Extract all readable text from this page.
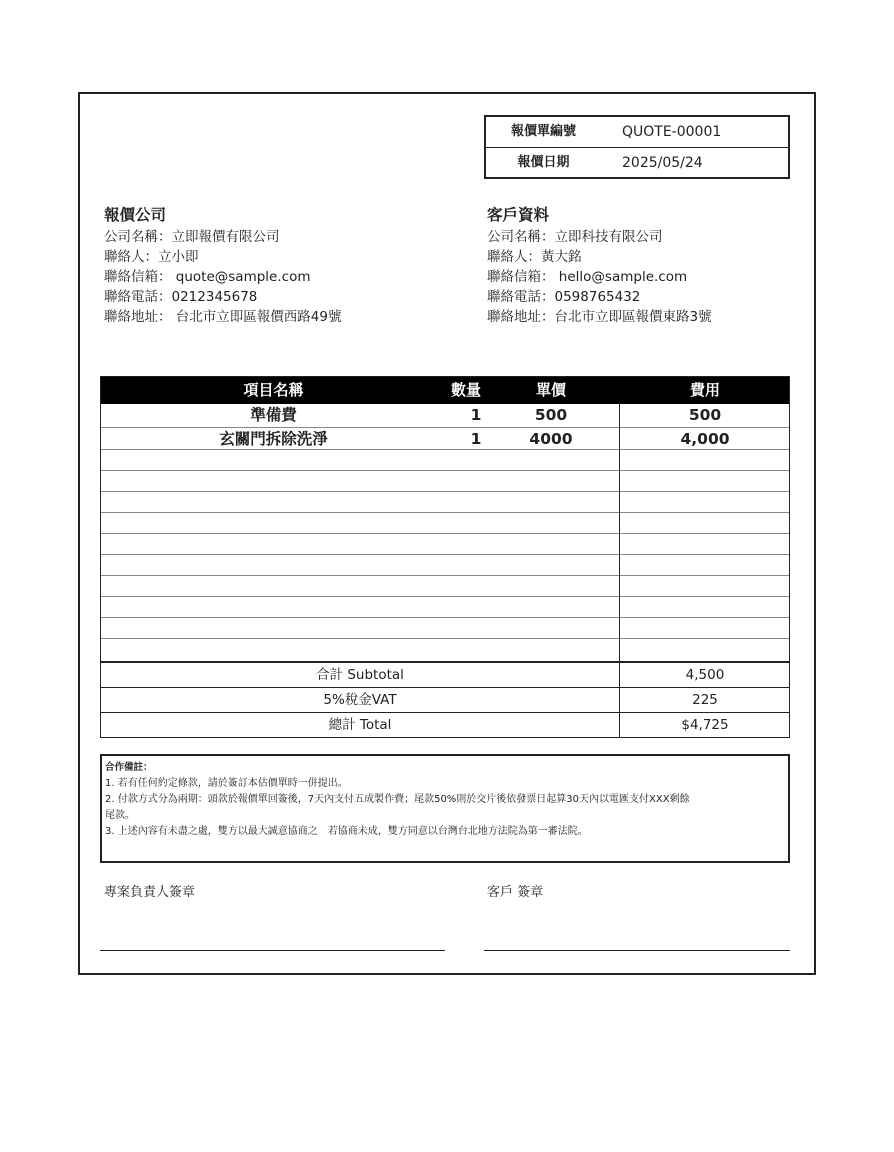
報價單編號	QUOTE-00001
報價日期	2025/05/24
報價公司
公司名稱：立即報價有限公司
聯絡人：立小即
聯絡信箱： quote@sample.com
聯絡電話：0212345678
聯絡地址： 台北市立即區報價西路49號
客戶資料
公司名稱：立即科技有限公司
聯絡人：黃大銘
聯絡信箱： hello@sample.com
聯絡電話：0598765432
聯絡地址：台北市立即區報價東路3號
項目名稱	數量	單價	費用
準備費	1	500	500
玄關門拆除洗淨	1	4000	4,000
合計 Subtotal	4,500
5%稅金VAT	225
總計 Total	$4,725
合作備註：
1. 若有任何約定條款，請於簽訂本估價單時一併提出。
2. 付款方式分為兩期：頭款於報價單回簽後，7天內支付五成製作費；尾款50%則於交片後依發票日起算30天內以電匯支付XXX剩餘
尾款。
3. 上述內容有未盡之處，雙方以最大誠意協商之　若協商未成，雙方同意以台灣台北地方法院為第一審法院。
專案負責人簽章	客戶 簽章
